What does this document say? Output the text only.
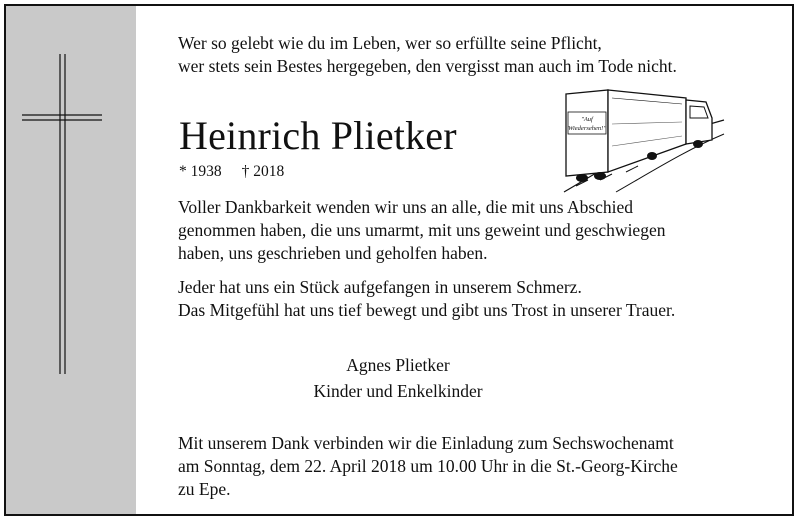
Wer so gelebt wie du im Leben, wer so erfüllte seine Pflicht,
wer stets sein Bestes hergegeben, den vergisst man auch im Tode nicht.
Heinrich Plietker
* 1938 † 2018
"Auf
Wiedersehen!"
Voller Dankbarkeit wenden wir uns an alle, die mit uns Abschied
genommen haben, die uns umarmt, mit uns geweint und geschwiegen
haben, uns geschrieben und geholfen haben.
Jeder hat uns ein Stück aufgefangen in unserem Schmerz.
Das Mitgefühl hat uns tief bewegt und gibt uns Trost in unserer Trauer.
Agnes Plietker
Kinder und Enkelkinder
Mit unserem Dank verbinden wir die Einladung zum Sechswochenamt
am Sonntag, dem 22. April 2018 um 10.00 Uhr in die St.-Georg-Kirche
zu Epe.
